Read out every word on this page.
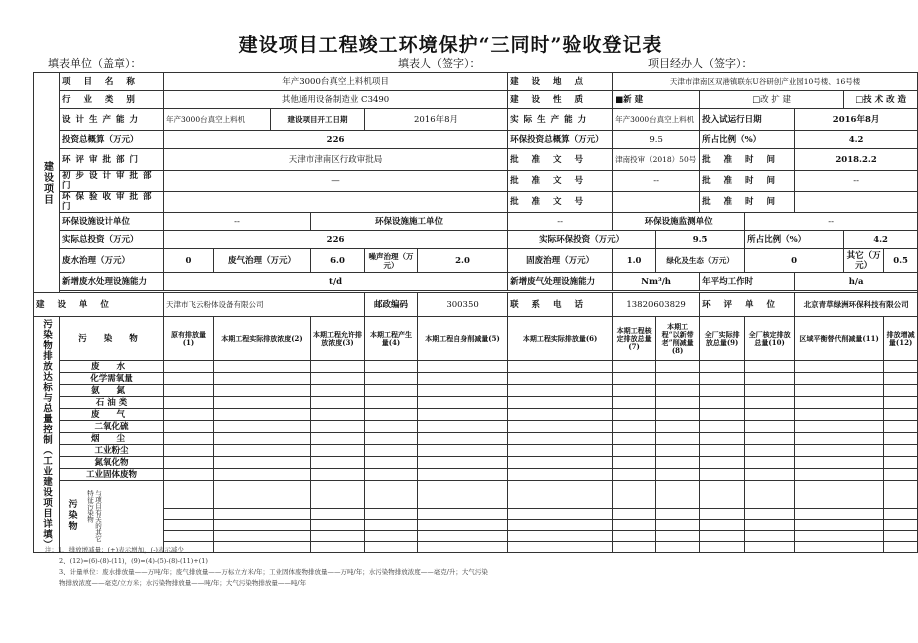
建设项目工程竣工环境保护“三同时”验收登记表
填表单位（盖章）：	填表人（签字）：	项目经办人（签字）：
建设项目	项 目 名 称	年产3000台真空上料机项目						建 设 地 点	天津市津南区双港镇联东U谷研创产业园10号楼、16号楼						
	行 业 类 别	其他通用设备制造业 C3490						建 设 性 质	■新 建		□改 扩 建			□技 术 改 造	
	设计生产能力	年产3000台真空上料机		建设项目开工日期		2016年8月		实际生产能力	年产3000台真空上料机		投入试运行日期		2016年8月		
	投资总概算（万元）	226						环保投资总概算（万元）	9.5		所占比例（%）		4.2		
	环评审批部门	天津市津南区行政审批局						批 准 文 号	津南投审（2018）50号		批 准 时 间		2018.2.2		
	初步设计审批部门	—						批 准 文 号	--		批 准 时 间		--		
	环保验收审批部门							批 准 文 号			批 准 时 间				
	环保设施设计单位	--			环保设施施工单位			--	环保设施监测单位			--			
	实际总投资（万元）	226						实际环保投资（万元）		9.5		所占比例（%）		4.2	
	废水治理（万元）	0	废气治理（万元）		6.0	噪声治理（万元）	2.0	固废治理（万元）	1.0	绿化及生态（万元）		0		其它（万元）	0.5
	新增废水处理设施能力	t/d						新增废气处理设施能力	Nm³/h		年平均工作时		h/a		

建 设 单 位		天津市飞云粉体设备有限公司				邮政编码	300350	联 系 电 话	13820603829		环 评 单 位		北京青草绿洲环保科技有限公司		
污染物排放达标与总量控制（工业建设项目详填）	污 染 物	原有排放量(1)	本期工程实际排放浓度(2)		本期工程允许排放浓度(3)	本期工程产生量(4)	本期工程自身削减量(5)	本期工程实际排放量(6)	本期工程核定排放总量(7)	本期工程“以新带老”削减量(8)	全厂实际排放总量(9)	全厂核定排放总量(10)	区域平衡替代削减量(11)		排放增减量(12)
	废 水														
	化学需氧量														
	氨 氮														
	石 油 类														
	废 气														
	二氧化硫														
	烟 尘														
	工业粉尘														
	氮氧化物														
	工业固体废物														

	污
染
物 与项目有关的其它特征污染物														

注：1、排放增减量：(+)表示增加，(-)表示减少
2、(12)=(6)-(8)-(11)，(9)=(4)-(5)-(8)-(11)+(1)
3、计量单位：废水排放量——万吨/年；废气排放量——万标立方米/年；工业固体废物排放量——万吨/年；水污染物排放浓度——毫克/升；大气污染物排放浓度——毫克/立方米；水污染物排放量——吨/年；大气污染物排放量——吨/年
